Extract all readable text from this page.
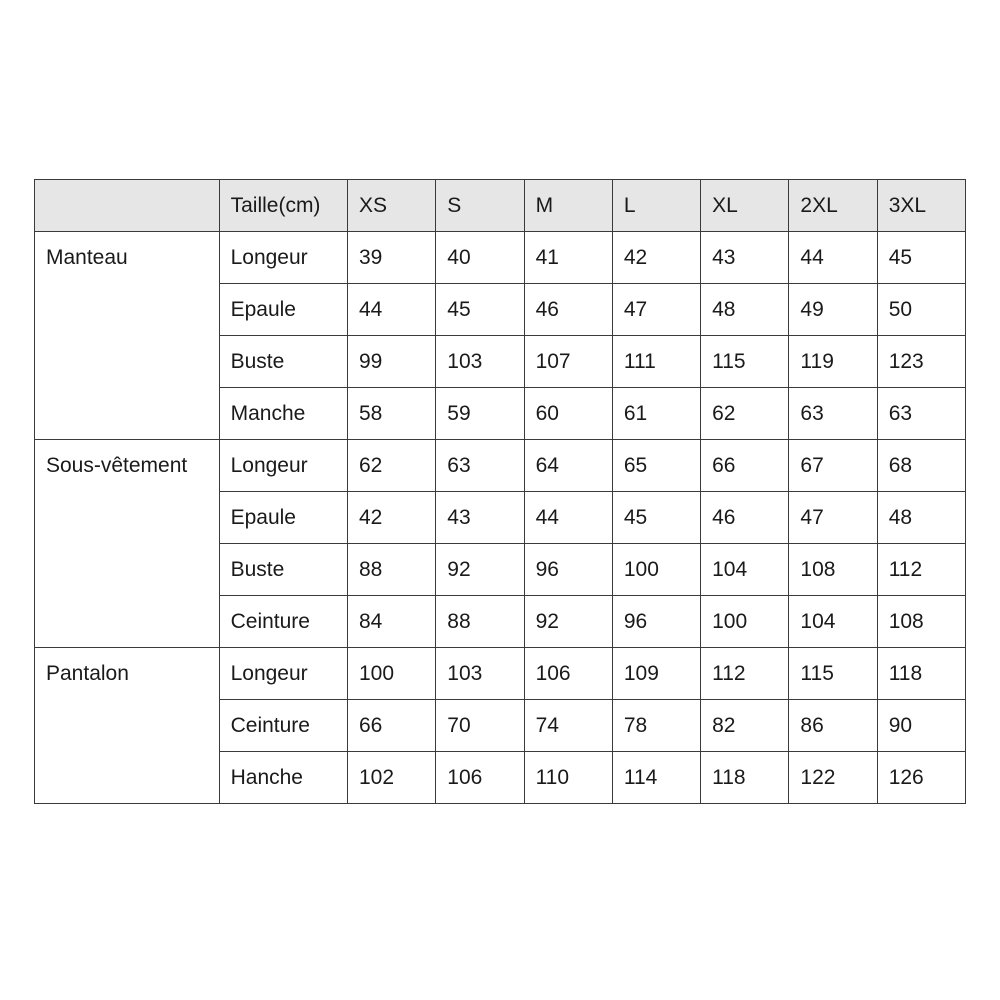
	Taille(cm)	XS	S	M	L	XL	2XL	3XL
Manteau	Longeur	39	40	41	42	43	44	45
	Epaule	44	45	46	47	48	49	50
	Buste	99	103	107	111	115	119	123
	Manche	58	59	60	61	62	63	63
Sous-vêtement	Longeur	62	63	64	65	66	67	68
	Epaule	42	43	44	45	46	47	48
	Buste	88	92	96	100	104	108	112
	Ceinture	84	88	92	96	100	104	108
Pantalon	Longeur	100	103	106	109	112	115	118
	Ceinture	66	70	74	78	82	86	90
	Hanche	102	106	110	114	118	122	126
